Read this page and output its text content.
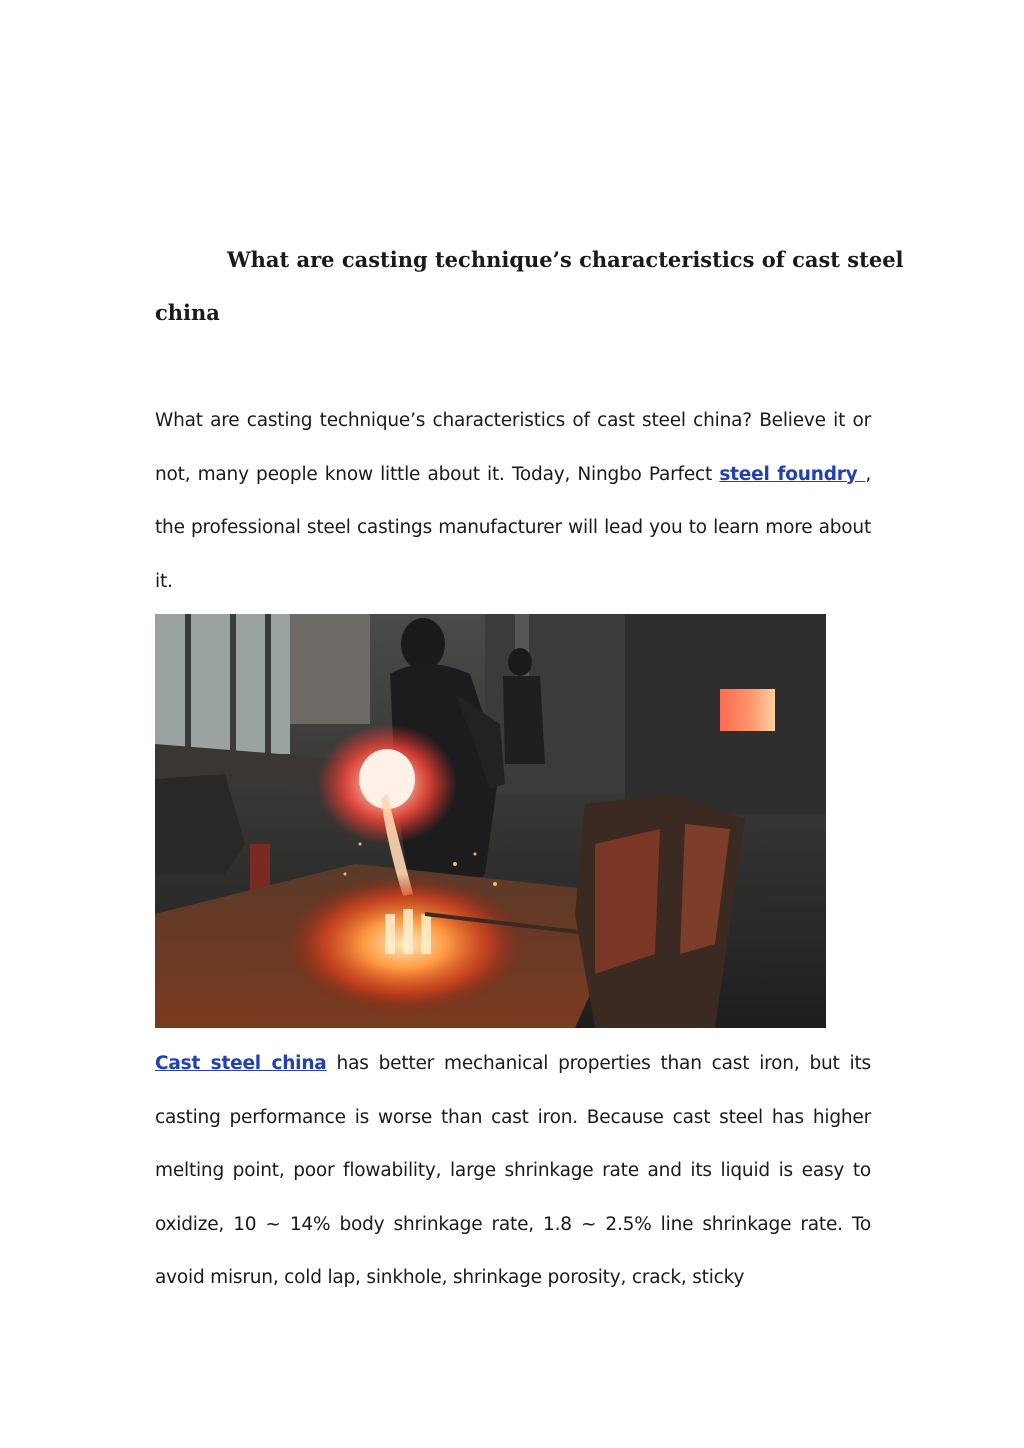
What are casting technique’s characteristics of cast steel
china
What are casting technique’s characteristics of cast steel china? Believe it or not, many people know little about it. Today, Ningbo Parfect steel foundry , the professional steel castings manufacturer will lead you to learn more about it.
Cast steel china has better mechanical properties than cast iron, but its casting performance is worse than cast iron. Because cast steel has higher melting point, poor flowability, large shrinkage rate and its liquid is easy to oxidize, 10 ~ 14% body shrinkage rate, 1.8 ~ 2.5% line shrinkage rate. To avoid misrun, cold lap, sinkhole, shrinkage porosity, crack, sticky
